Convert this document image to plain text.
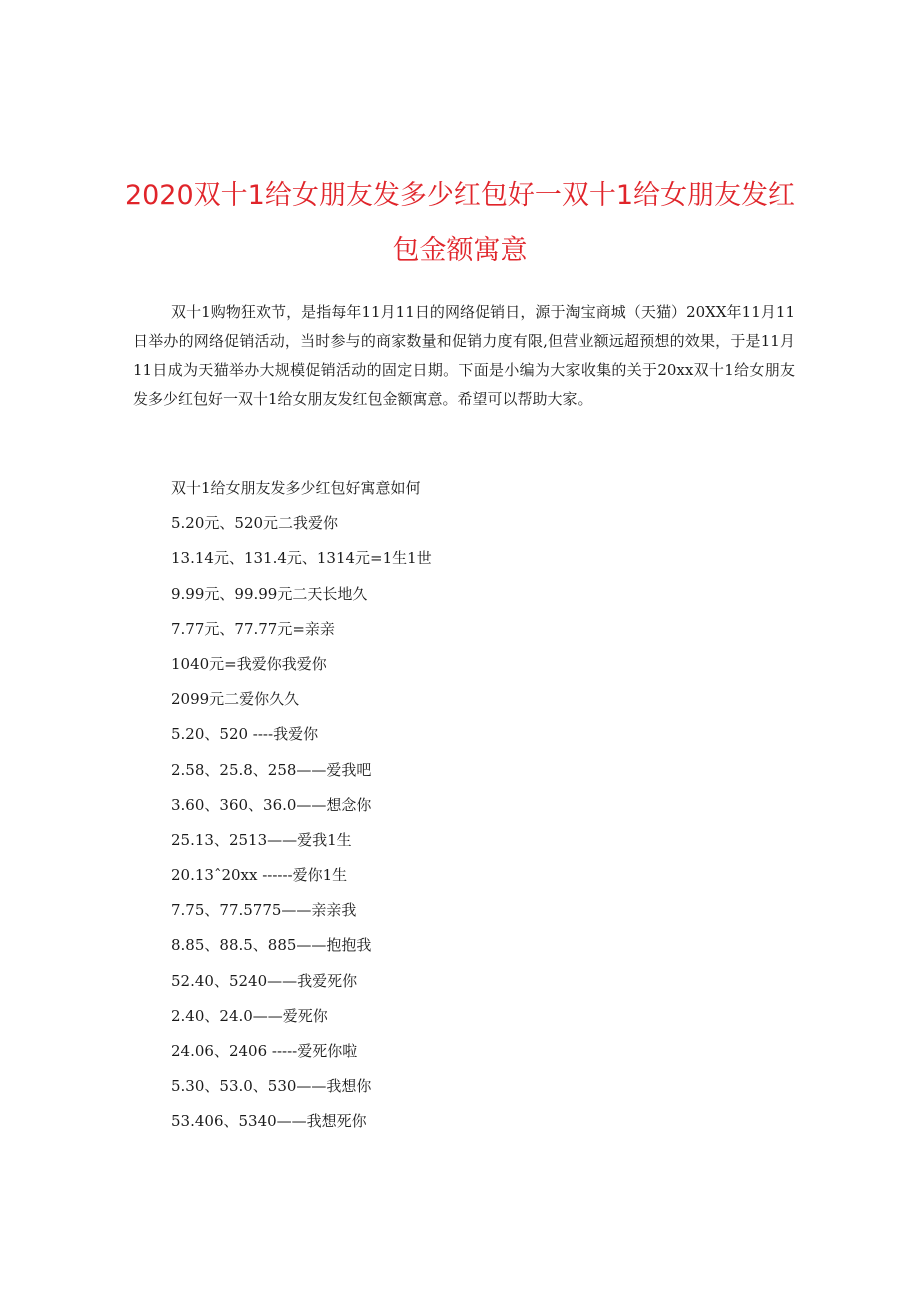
2020双十1给女朋友发多少红包好一双十1给女朋友发红包金额寓意

双十1购物狂欢节，是指每年11月11日的网络促销日，源于淘宝商城（天猫）20XX年11月11日举办的网络促销活动，当时参与的商家数量和促销力度有限,但营业额远超预想的效果，于是11月11日成为天猫举办大规模促销活动的固定日期。下面是小编为大家收集的关于20xx双十1给女朋友发多少红包好一双十1给女朋友发红包金额寓意。希望可以帮助大家。

双十1给女朋友发多少红包好寓意如何
5.20元、520元二我爱你
13.14元、131.4元、1314元=1生1世
9.99元、99.99元二天长地久
7.77元、77.77元=亲亲
1040元=我爱你我爱你
2099元二爱你久久
5.20、520 ----我爱你
2.58、25.8、258——爱我吧
3.60、360、36.0——想念你
25.13、2513——爱我1生
20.13ˆ20xx ------爱你1生
7.75、77.5775——亲亲我
8.85、88.5、885——抱抱我
52.40、5240——我爱死你
2.40、24.0——爱死你
24.06、2406 -----爱死你啦
5.30、53.0、530——我想你
53.406、5340——我想死你
